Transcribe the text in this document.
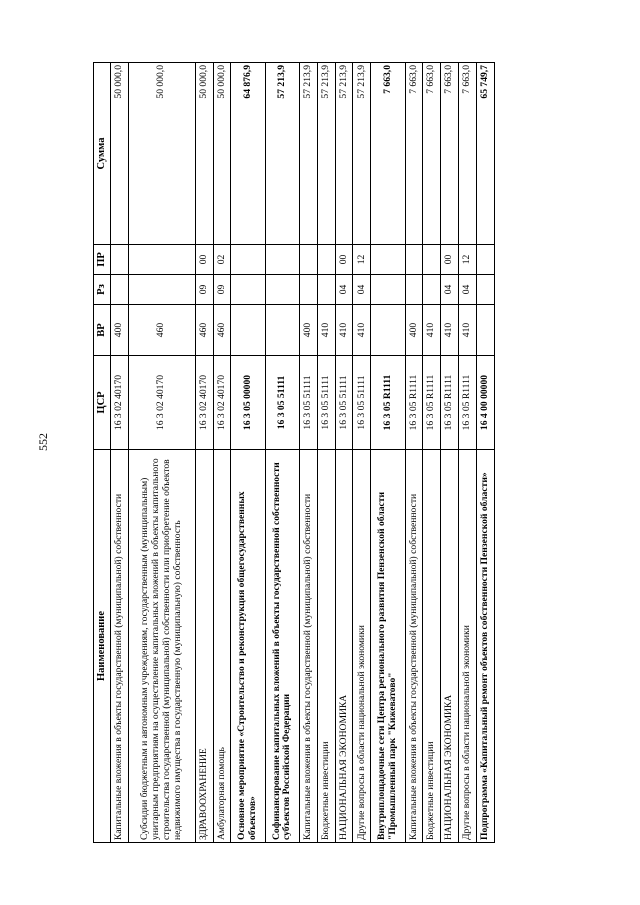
552
Наименование	ЦСР	ВР	Рз	ПР	Сумма
Капитальные вложения в объекты государственной (муниципальной) собственности	16 3 02 40170	400			50 000,0
Субсидии бюджетным и автономным учреждениям, государственным (муниципальным) унитарным предприятиям на осуществление капитальных вложений в объекты капитального строительства государственной (муниципальной) собственности или приобретение объектов недвижимого имущества в государственную (муниципальную) собственность	16 3 02 40170	460			50 000,0
ЗДРАВООХРАНЕНИЕ	16 3 02 40170	460	09	00	50 000,0
Амбулаторная помощь	16 3 02 40170	460	09	02	50 000,0
Основное мероприятие «Строительство и реконструкция общегосударственных объектов»	16 3 05 00000				64 876,9
Софинансирование капитальных вложений в объекты государственной собственности субъектов Российской Федерации	16 3 05 51111				57 213,9
Капитальные вложения в объекты государственной (муниципальной) собственности	16 3 05 51111	400			57 213,9
Бюджетные инвестиции	16 3 05 51111	410			57 213,9
НАЦИОНАЛЬНАЯ ЭКОНОМИКА	16 3 05 51111	410	04	00	57 213,9
Другие вопросы в области национальной экономики	16 3 05 51111	410	04	12	57 213,9
Внутриплощадочные сети Центра регионального развития Пензенской области "Промышленный парк "Кижеватово"	16 3 05 R1111				7 663,0
Капитальные вложения в объекты государственной (муниципальной) собственности	16 3 05 R1111	400			7 663,0
Бюджетные инвестиции	16 3 05 R1111	410			7 663,0
НАЦИОНАЛЬНАЯ ЭКОНОМИКА	16 3 05 R1111	410	04	00	7 663,0
Другие вопросы в области национальной экономики	16 3 05 R1111	410	04	12	7 663,0
Подпрограмма «Капитальный ремонт объектов собственности Пензенской области»	16 4 00 00000				65 749,7
